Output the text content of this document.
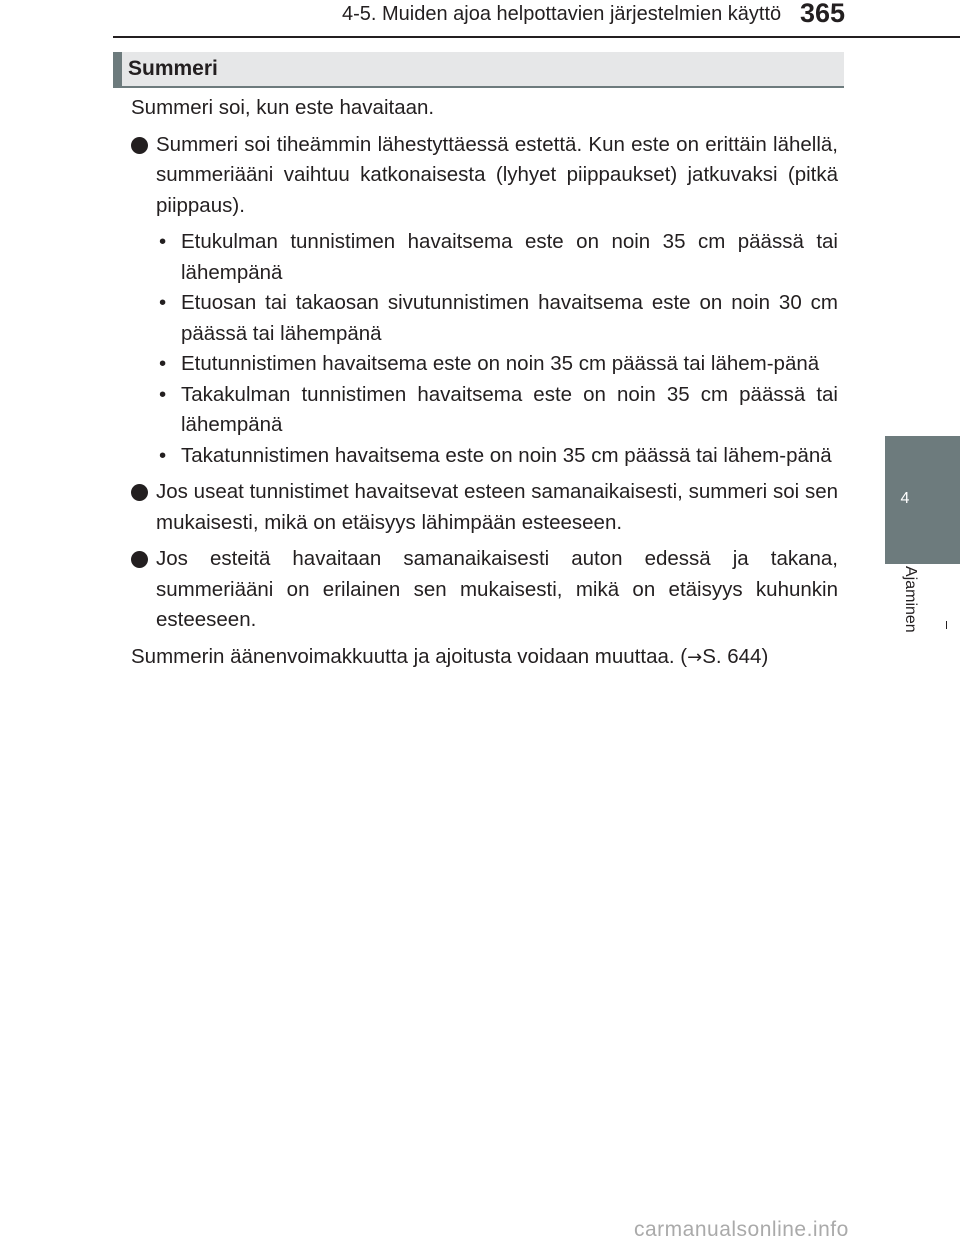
4-5. Muiden ajoa helpottavien järjestelmien käyttö 365
4
Ajaminen
Summeri

Summeri soi, kun este havaitaan.

Summeri soi tiheämmin lähestyttäessä estettä. Kun este on erittäin lähellä, summeriääni vaihtuu katkonaisesta (lyhyet piippaukset) jatkuvaksi (pitkä piippaus).

• Etukulman tunnistimen havaitsema este on noin 35 cm päässä tai lähempänä
• Etuosan tai takaosan sivutunnistimen havaitsema este on noin 30 cm päässä tai lähempänä
• Etutunnistimen havaitsema este on noin 35 cm päässä tai lähem-pänä
• Takakulman tunnistimen havaitsema este on noin 35 cm päässä tai lähempänä
• Takatunnistimen havaitsema este on noin 35 cm päässä tai lähem-pänä

Jos useat tunnistimet havaitsevat esteen samanaikaisesti, summeri soi sen mukaisesti, mikä on etäisyys lähimpään esteeseen.

Jos esteitä havaitaan samanaikaisesti auton edessä ja takana, summeriääni on erilainen sen mukaisesti, mikä on etäisyys kuhunkin esteeseen.

Summerin äänenvoimakkuutta ja ajoitusta voidaan muuttaa. (→S. 644)

carmanualsonline.info
